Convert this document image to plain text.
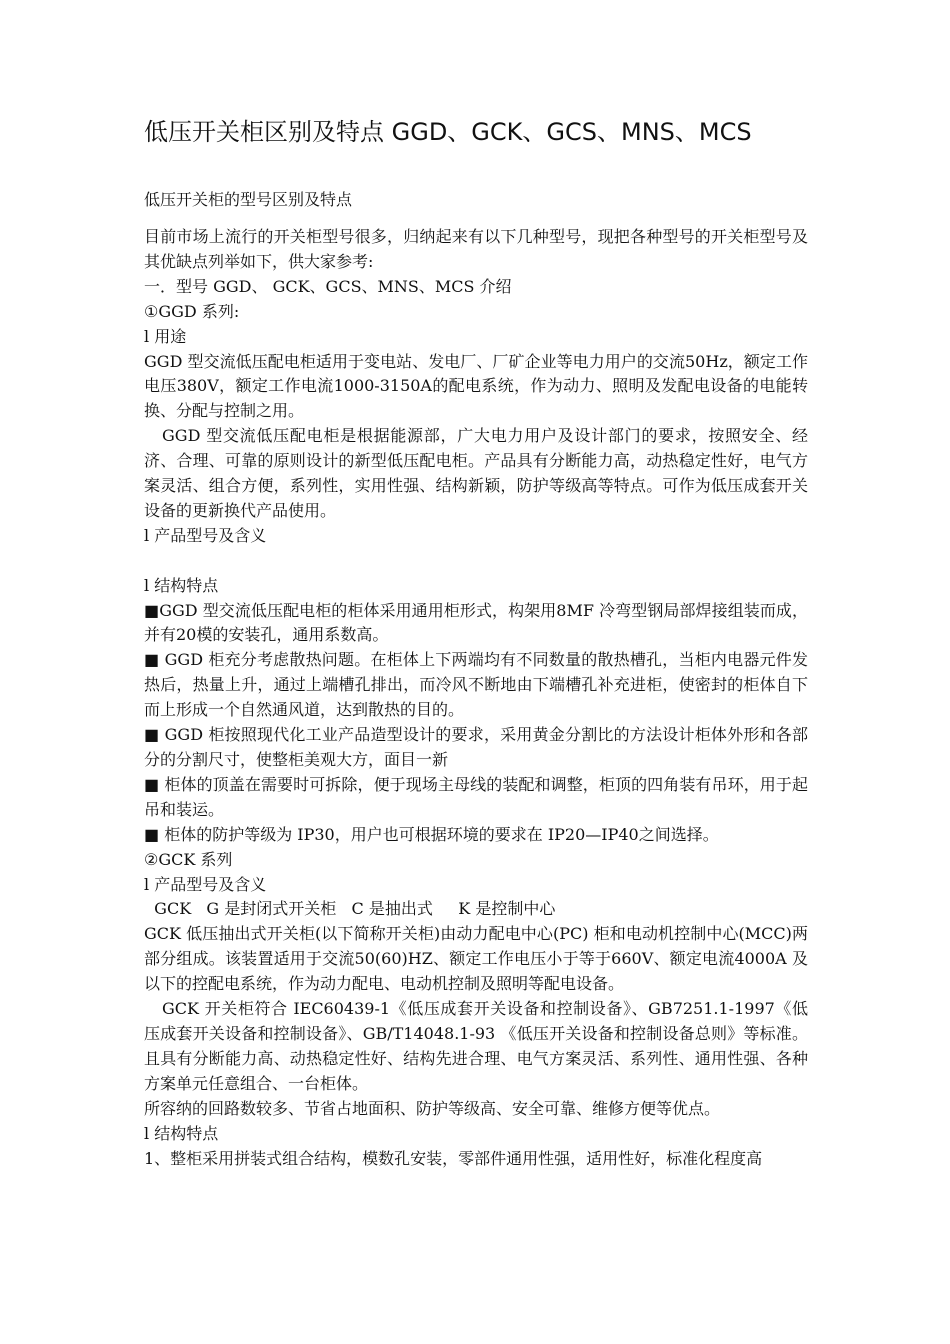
低压开关柜区别及特点 GGD、GCK、GCS、MNS、MCS
低压开关柜的型号区别及特点

目前市场上流行的开关柜型号很多，归纳起来有以下几种型号，现把各种型号的开关柜型号及其优缺点列举如下，供大家参考:

一．型号 GGD、 GCK、GCS、MNS、MCS 介绍

①GGD 系列:

l 用途

GGD 型交流低压配电柜适用于变电站、发电厂、厂矿企业等电力用户的交流50Hz，额定工作电压380V，额定工作电流1000-3150A的配电系统，作为动力、照明及发配电设备的电能转换、分配与控制之用。

GGD 型交流低压配电柜是根据能源部，广大电力用户及设计部门的要求，按照安全、经济、合理、可靠的原则设计的新型低压配电柜。产品具有分断能力高，动热稳定性好，电气方案灵活、组合方便，系列性，实用性强、结构新颖，防护等级高等特点。可作为低压成套开关设备的更新换代产品使用。

l 产品型号及含义

l 结构特点

■GGD 型交流低压配电柜的柜体采用通用柜形式，构架用8MF 冷弯型钢局部焊接组装而成，并有20模的安装孔，通用系数高。

■ GGD 柜充分考虑散热问题。在柜体上下两端均有不同数量的散热槽孔，当柜内电器元件发热后，热量上升，通过上端槽孔排出，而冷风不断地由下端槽孔补充进柜，使密封的柜体自下而上形成一个自然通风道，达到散热的目的。

■ GGD 柜按照现代化工业产品造型设计的要求，采用黄金分割比的方法设计柜体外形和各部分的分割尺寸，使整柜美观大方，面目一新

■ 柜体的顶盖在需要时可拆除，便于现场主母线的装配和调整，柜顶的四角装有吊环，用于起吊和装运。

■ 柜体的防护等级为 IP30，用户也可根据环境的要求在 IP20—IP40之间选择。

②GCK 系列

l 产品型号及含义

GCK   G 是封闭式开关柜   C 是抽出式     K 是控制中心

GCK 低压抽出式开关柜(以下简称开关柜)由动力配电中心(PC) 柜和电动机控制中心(MCC)两部分组成。该装置适用于交流50(60)HZ、额定工作电压小于等于660V、额定电流4000A 及以下的控配电系统，作为动力配电、电动机控制及照明等配电设备。

GCK 开关柜符合 IEC60439-1《低压成套开关设备和控制设备》、GB7251.1-1997《低压成套开关设备和控制设备》、GB/T14048.1-93 《低压开关设备和控制设备总则》等标准。且具有分断能力高、动热稳定性好、结构先进合理、电气方案灵活、系列性、通用性强、各种方案单元任意组合、一台柜体。

所容纳的回路数较多、节省占地面积、防护等级高、安全可靠、维修方便等优点。

l 结构特点

1、整柜采用拼装式组合结构，模数孔安装，零部件通用性强，适用性好，标准化程度高
